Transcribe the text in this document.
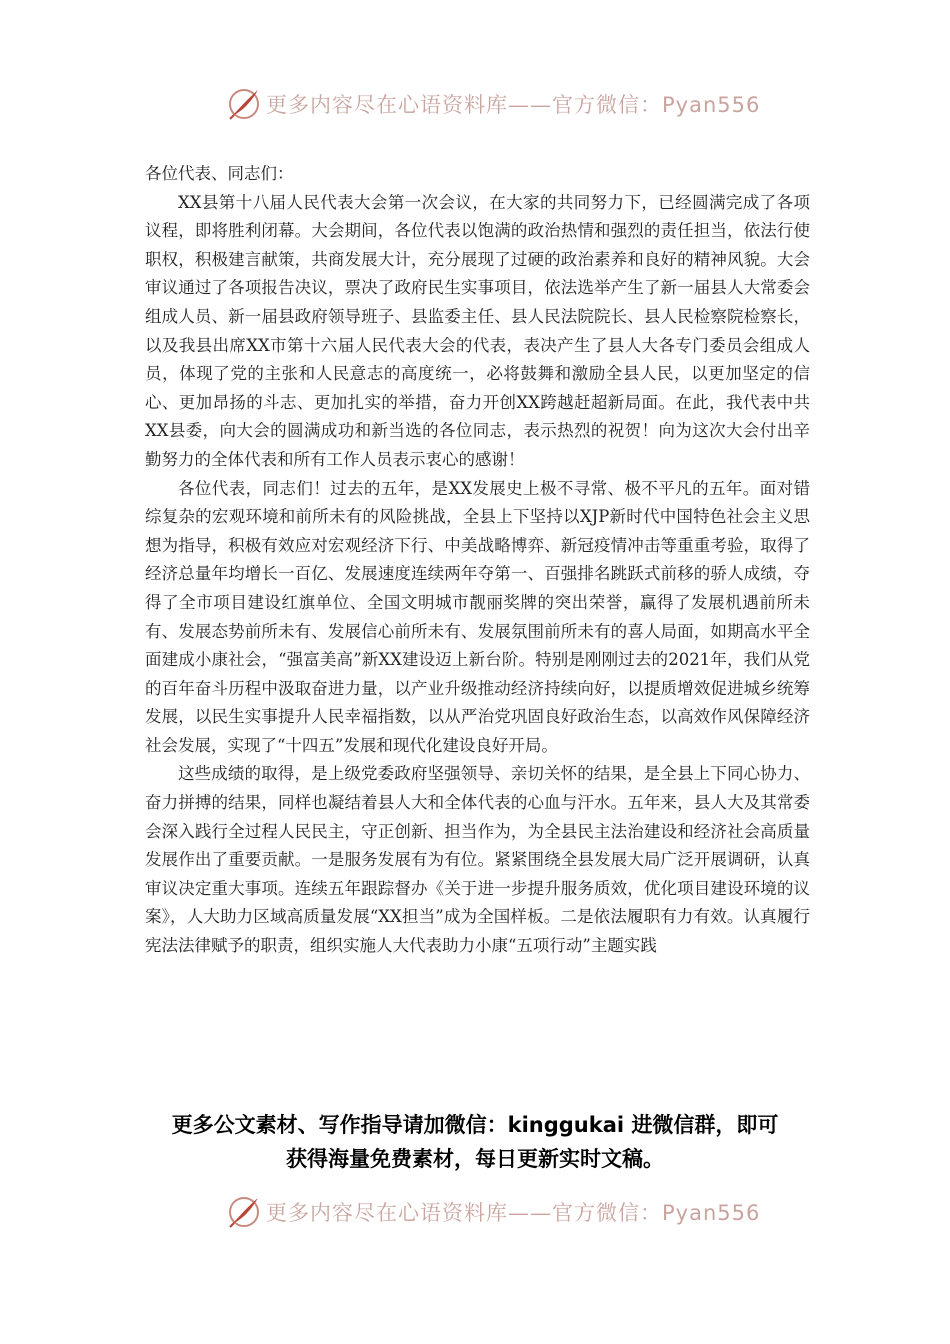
更多内容尽在心语资料库——官方微信：Pyan556

各位代表、同志们：

XX县第十八届人民代表大会第一次会议，在大家的共同努力下，已经圆满完成了各项议程，即将胜利闭幕。大会期间，各位代表以饱满的政治热情和强烈的责任担当，依法行使职权，积极建言献策，共商发展大计，充分展现了过硬的政治素养和良好的精神风貌。大会审议通过了各项报告决议，票决了政府民生实事项目，依法选举产生了新一届县人大常委会组成人员、新一届县政府领导班子、县监委主任、县人民法院院长、县人民检察院检察长，以及我县出席XX市第十六届人民代表大会的代表，表决产生了县人大各专门委员会组成人员，体现了党的主张和人民意志的高度统一，必将鼓舞和激励全县人民，以更加坚定的信心、更加昂扬的斗志、更加扎实的举措，奋力开创XX跨越赶超新局面。在此，我代表中共XX县委，向大会的圆满成功和新当选的各位同志，表示热烈的祝贺！向为这次大会付出辛勤努力的全体代表和所有工作人员表示衷心的感谢！

各位代表，同志们！过去的五年，是XX发展史上极不寻常、极不平凡的五年。面对错综复杂的宏观环境和前所未有的风险挑战，全县上下坚持以XJP新时代中国特色社会主义思想为指导，积极有效应对宏观经济下行、中美战略博弈、新冠疫情冲击等重重考验，取得了经济总量年均增长一百亿、发展速度连续两年夺第一、百强排名跳跃式前移的骄人成绩，夺得了全市项目建设红旗单位、全国文明城市靓丽奖牌的突出荣誉，赢得了发展机遇前所未有、发展态势前所未有、发展信心前所未有、发展氛围前所未有的喜人局面，如期高水平全面建成小康社会，“强富美高”新XX建设迈上新台阶。特别是刚刚过去的2021年，我们从党的百年奋斗历程中汲取奋进力量，以产业升级推动经济持续向好，以提质增效促进城乡统筹发展，以民生实事提升人民幸福指数，以从严治党巩固良好政治生态，以高效作风保障经济社会发展，实现了“十四五”发展和现代化建设良好开局。

这些成绩的取得，是上级党委政府坚强领导、亲切关怀的结果，是全县上下同心协力、奋力拼搏的结果，同样也凝结着县人大和全体代表的心血与汗水。五年来，县人大及其常委会深入践行全过程人民民主，守正创新、担当作为，为全县民主法治建设和经济社会高质量发展作出了重要贡献。一是服务发展有为有位。紧紧围绕全县发展大局广泛开展调研，认真审议决定重大事项。连续五年跟踪督办《关于进一步提升服务质效，优化项目建设环境的议案》，人大助力区域高质量发展“XX担当”成为全国样板。二是依法履职有力有效。认真履行宪法法律赋予的职责，组织实施人大代表助力小康“五项行动”主题实践

更多公文素材、写作指导请加微信：kinggukai 进微信群，即可
获得海量免费素材，每日更新实时文稿。
更多内容尽在心语资料库——官方微信：Pyan556
